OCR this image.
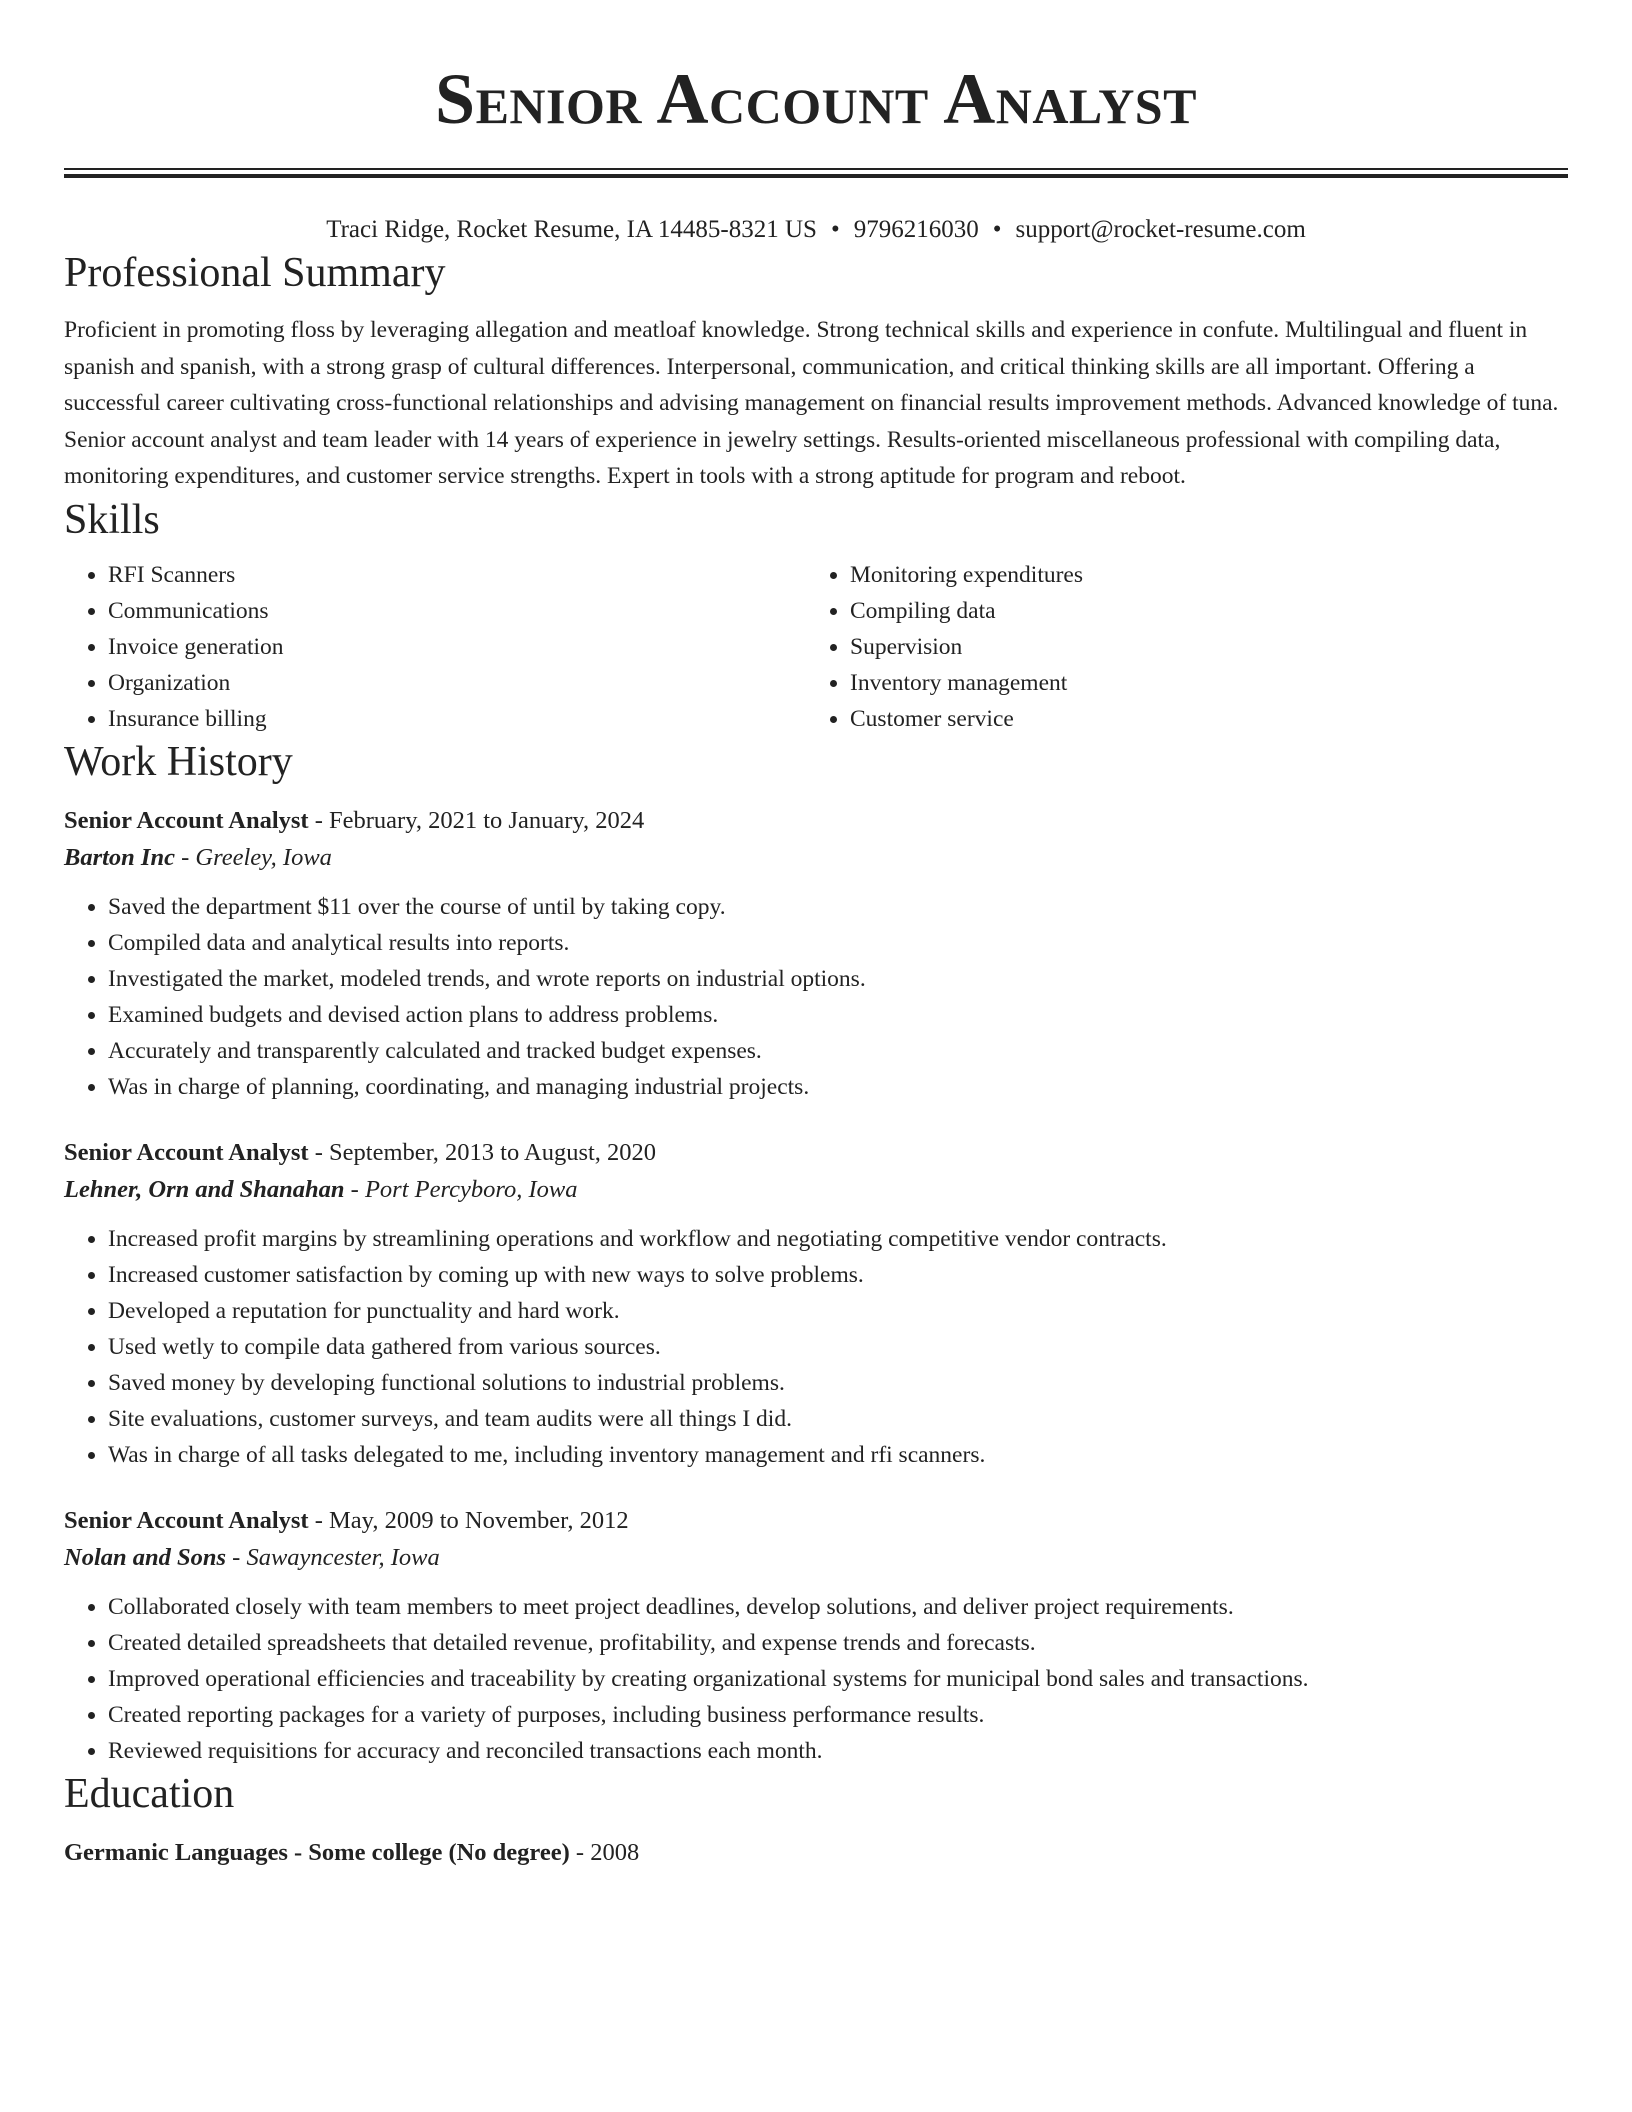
Senior Account Analyst
Traci Ridge, Rocket Resume, IA 14485-8321 US • 9796216030 • support@rocket-resume.com
Professional Summary

Proficient in promoting floss by leveraging allegation and meatloaf knowledge. Strong technical skills and experience in confute. Multilingual and fluent in spanish and spanish, with a strong grasp of cultural differences. Interpersonal, communication, and critical thinking skills are all important. Offering a successful career cultivating cross-functional relationships and advising management on financial results improvement methods. Advanced knowledge of tuna. Senior account analyst and team leader with 14 years of experience in jewelry settings. Results-oriented miscellaneous professional with compiling data, monitoring expenditures, and customer service strengths. Expert in tools with a strong aptitude for program and reboot.

Skills
• RFI Scanners
• Communications
• Invoice generation
• Organization
• Insurance billing
• Monitoring expenditures
• Compiling data
• Supervision
• Inventory management
• Customer service
Work History
Senior Account Analyst - February, 2021 to January, 2024
Barton Inc - Greeley, Iowa
• Saved the department $11 over the course of until by taking copy.
• Compiled data and analytical results into reports.
• Investigated the market, modeled trends, and wrote reports on industrial options.
• Examined budgets and devised action plans to address problems.
• Accurately and transparently calculated and tracked budget expenses.
• Was in charge of planning, coordinating, and managing industrial projects.
Senior Account Analyst - September, 2013 to August, 2020
Lehner, Orn and Shanahan - Port Percyboro, Iowa
• Increased profit margins by streamlining operations and workflow and negotiating competitive vendor contracts.
• Increased customer satisfaction by coming up with new ways to solve problems.
• Developed a reputation for punctuality and hard work.
• Used wetly to compile data gathered from various sources.
• Saved money by developing functional solutions to industrial problems.
• Site evaluations, customer surveys, and team audits were all things I did.
• Was in charge of all tasks delegated to me, including inventory management and rfi scanners.
Senior Account Analyst - May, 2009 to November, 2012
Nolan and Sons - Sawayncester, Iowa
• Collaborated closely with team members to meet project deadlines, develop solutions, and deliver project requirements.
• Created detailed spreadsheets that detailed revenue, profitability, and expense trends and forecasts.
• Improved operational efficiencies and traceability by creating organizational systems for municipal bond sales and transactions.
• Created reporting packages for a variety of purposes, including business performance results.
• Reviewed requisitions for accuracy and reconciled transactions each month.
Education
Germanic Languages - Some college (No degree) - 2008
